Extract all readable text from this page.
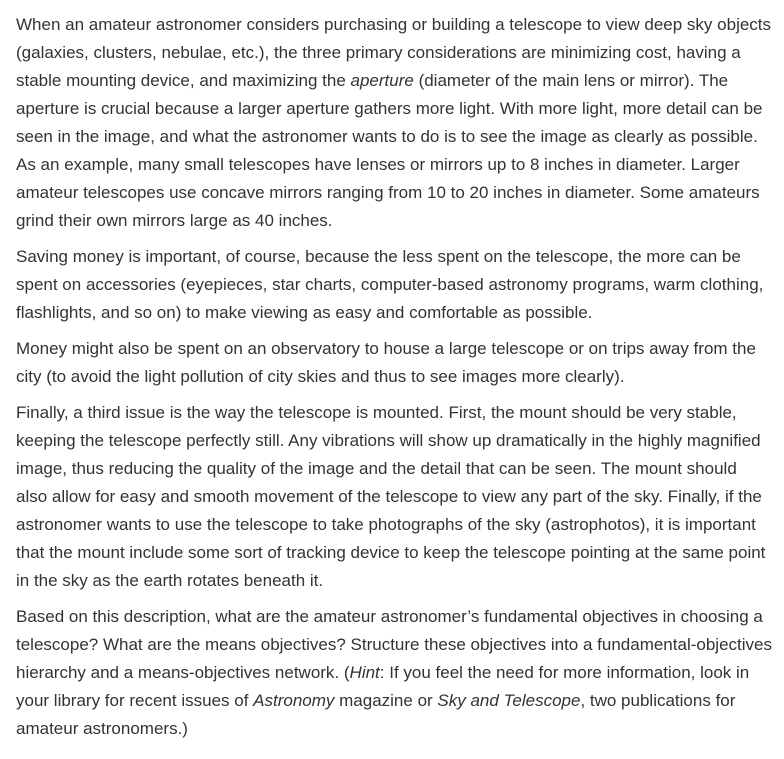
When an amateur astronomer considers purchasing or building a telescope to view deep sky objects (galaxies, clusters, nebulae, etc.), the three primary considerations are minimizing cost, having a stable mounting device, and maximizing the aperture (diameter of the main lens or mirror). The aperture is crucial because a larger aperture gathers more light. With more light, more detail can be seen in the image, and what the astronomer wants to do is to see the image as clearly as possible. As an example, many small telescopes have lenses or mirrors up to 8 inches in diameter. Larger amateur telescopes use concave mirrors ranging from 10 to 20 inches in diameter. Some amateurs grind their own mirrors large as 40 inches.

Saving money is important, of course, because the less spent on the telescope, the more can be spent on accessories (eyepieces, star charts, computer-based astronomy programs, warm clothing, flashlights, and so on) to make viewing as easy and comfortable as possible.

Money might also be spent on an observatory to house a large telescope or on trips away from the city (to avoid the light pollution of city skies and thus to see images more clearly).

Finally, a third issue is the way the telescope is mounted. First, the mount should be very stable, keeping the telescope perfectly still. Any vibrations will show up dramatically in the highly magnified image, thus reducing the quality of the image and the detail that can be seen. The mount should also allow for easy and smooth movement of the telescope to view any part of the sky. Finally, if the astronomer wants to use the telescope to take photographs of the sky (astrophotos), it is important that the mount include some sort of tracking device to keep the telescope pointing at the same point in the sky as the earth rotates beneath it.

Based on this description, what are the amateur astronomer’s fundamental objectives in choosing a telescope? What are the means objectives? Structure these objectives into a fundamental-objectives hierarchy and a means-objectives network. (Hint: If you feel the need for more information, look in your library for recent issues of Astronomy magazine or Sky and Telescope, two publications for amateur astronomers.)
